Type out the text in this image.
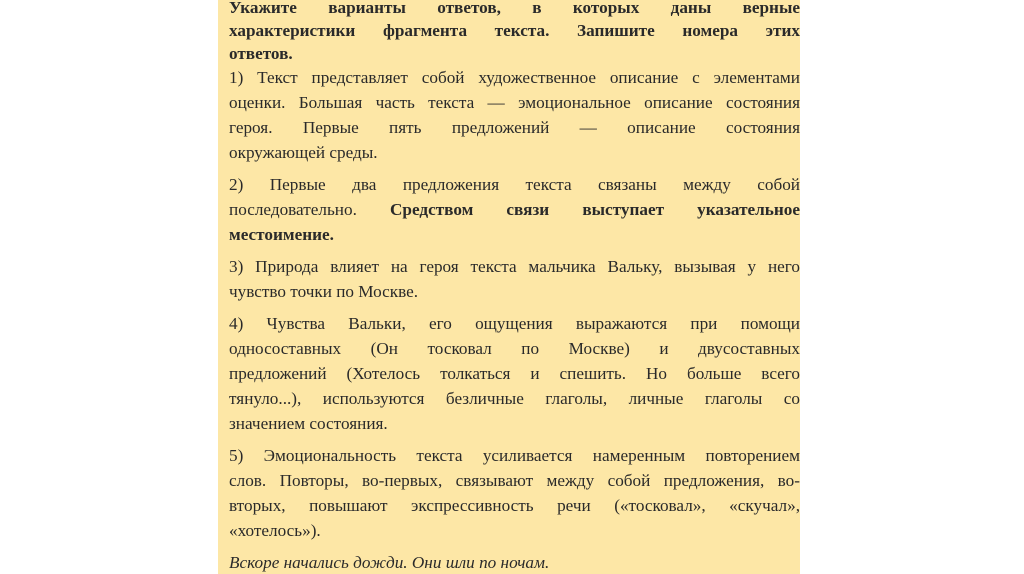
Укажите варианты ответов, в которых даны верные
характеристики фрагмента текста. Запишите номера этих
ответов.
1) Текст представляет собой художественное описание с элементами
оценки. Большая часть текста — эмоциональное описание состояния
героя. Первые пять предложений — описание состояния
окружающей среды.
2) Первые два предложения текста связаны между собой
последовательно. Средством связи выступает указательное
местоимение.
3) Природа влияет на героя текста мальчика Вальку, вызывая у него
чувство точки по Москве.
4) Чувства Вальки, его ощущения выражаются при помощи
односоставных (Он тосковал по Москве) и двусоставных
предложений (Хотелось толкаться и спешить. Но больше всего
тянуло...), используются безличные глаголы, личные глаголы со
значением состояния.
5) Эмоциональность текста усиливается намеренным повторением
слов. Повторы, во-первых, связывают между собой предложения, во-
вторых, повышают экспрессивность речи («тосковал», «скучал»,
«хотелось»).
Вскоре начались дожди. Они шли по ночам.
